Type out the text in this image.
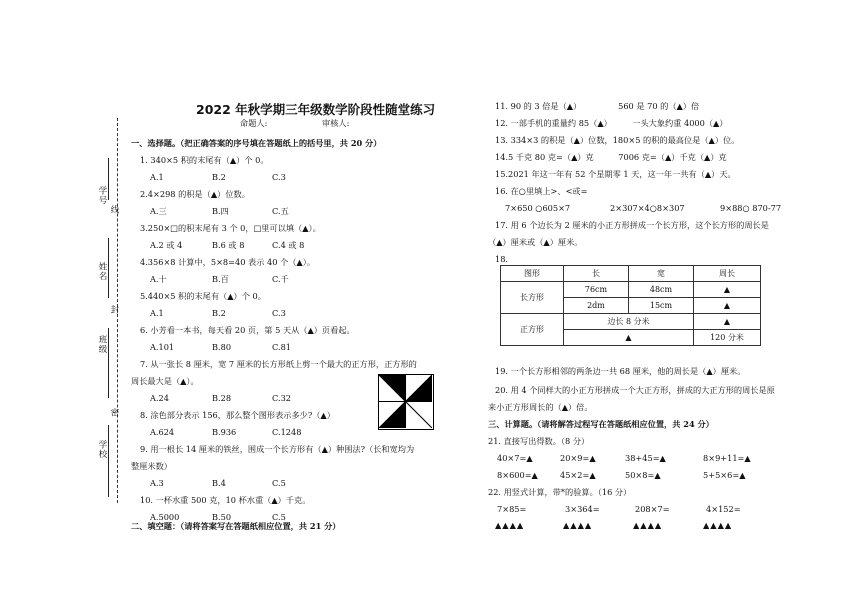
2022 年秋学期三年级数学阶段性随堂练习
命题人:	审核人:
学号
线
姓名
封
班级
密
学校
一、选择题。（把正确答案的序号填在答题纸上的括号里，共 20 分）
1. 340×5 积的末尾有（▲）个 0。
A.1	B.2	C.3
2.4×298 的积是（▲）位数。
A.三	B.四	C.五
3.250×□的积末尾有 3 个 0，□里可以填（▲）。
A.2 或 4	B.6 或 8	C.4 或 8
4.356×8 计算中，5×8=40 表示 40 个（▲）。
A.十	B.百	C.千
5.440×5 积的末尾有（▲）个 0。
A.1	B.2	C.3
6. 小芳看一本书，每天看 20 页，第 5 天从（▲）页看起。
A.101	B.80	C.81
7. 从一张长 8 厘米，宽 7 厘米的长方形纸上剪一个最大的正方形，正方形的
周长最大是（▲）。
A.24	B.28	C.32
8. 涂色部分表示 156，那么整个图形表示多少?（▲）
A.624	B.936	C.1248
9. 用一根长 14 厘米的铁丝，围成一个长方形有（▲）种围法?（长和宽均为
整厘米数）
A.3	B.4	C.5
10. 一杯水重 500 克，10 杯水重（▲）千克。
A.5000	B.50	C.5
二、填空题：（请将答案写在答题纸相应位置，共 21 分）
11. 90 的 3 倍是（▲）　　　　　560 是 70 的（▲）倍
12. 一部手机的重量约 85（▲）　　　一头大象约重 4000（▲）
13. 334×3 的积是（▲）位数，180×5 的积的最高位是（▲）位。
14.5 千克 80 克=（▲）克　　　7006 克=（▲）千克（▲）克
15.2021 年这一年有 52 个星期零 1 天，这一年一共有（▲）天。
16. 在○里填上>、<或=
7×650 ○605×7	2×307×4○8×307	9×88○ 870-77
17. 用 6 个边长为 2 厘米的小正方形拼成一个长方形，这个长方形的周长是
（▲）厘米或（▲）厘米。
18.
图形	长	宽	周长
长方形	76cm	48cm	▲
	2dm	15cm	▲
正方形	边长 8 分米		▲
	▲		120 分米
19. 一个长方形相邻的两条边一共 68 厘米，他的周长是（▲）厘米。
20. 用 4 个同样大的小正方形拼成一个大正方形，拼成的大正方形的周长是原
来小正方形周长的（▲）倍。
三、计算题。（请将解答过程写在答题纸相应位置，共 24 分）
21. 直接写出得数。（8 分）
40×7=▲	20×9=▲	38+45=▲	8×9+11=▲
8×600=▲	45×2=▲	50×8=▲	5+5×6=▲
22. 用竖式计算，带*的验算。（16 分）
7×85=	3×364=	208×7=	4×152=
▲▲▲▲	▲▲▲▲	▲▲▲▲	▲▲▲▲
